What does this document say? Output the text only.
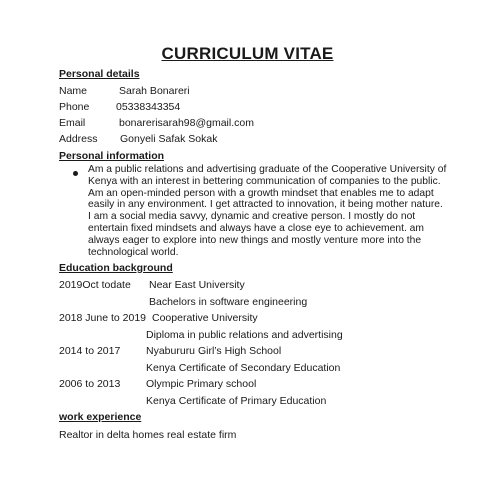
CURRICULUM VITAE
Personal details
Name	Sarah Bonareri
Phone	05338343354
Email	bonarerisarah98@gmail.com
Address Gonyeli Safak Sokak
Personal information
Am a public relations and advertising graduate of the Cooperative University of Kenya with an interest in bettering communication of companies to the public. Am an open-minded person with a growth mindset that enables me to adapt easily in any environment. I get attracted to innovation, it being mother nature. I am a social media savvy, dynamic and creative person. I mostly do not entertain fixed mindsets and always have a close eye to achievement. am always eager to explore into new things and mostly venture more into the technological world.
Education background
2019Oct todate Near East University
Bachelors in software engineering
2018 June to 2019 Cooperative University
Diploma in public relations and advertising
2014 to 2017 Nyabururu Girl’s High School
Kenya Certificate of Secondary Education
2006 to 2013 Olympic Primary school
Kenya Certificate of Primary Education
work experience
Realtor in delta homes real estate firm
